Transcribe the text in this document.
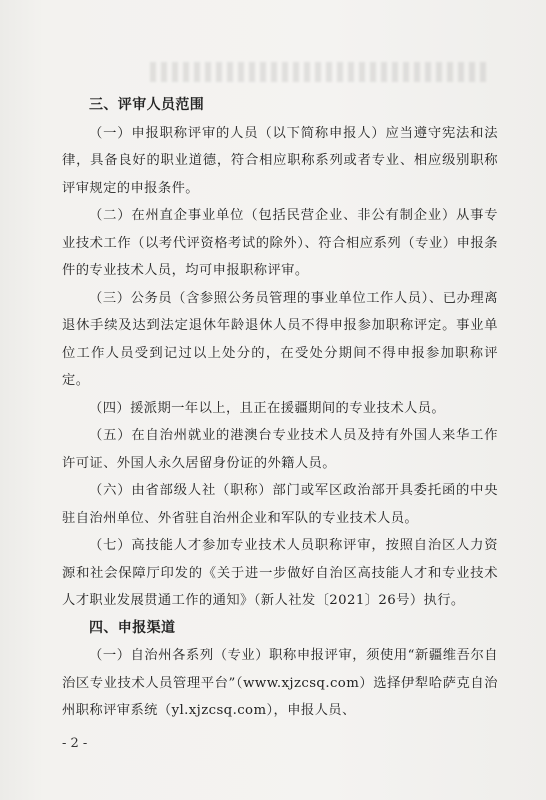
三、评审人员范围

（一）申报职称评审的人员（以下简称申报人）应当遵守宪法和法律，具备良好的职业道德，符合相应职称系列或者专业、相应级别职称评审规定的申报条件。

（二）在州直企事业单位（包括民营企业、非公有制企业）从事专业技术工作（以考代评资格考试的除外）、符合相应系列（专业）申报条件的专业技术人员，均可申报职称评审。

（三）公务员（含参照公务员管理的事业单位工作人员）、已办理离退休手续及达到法定退休年龄退休人员不得申报参加职称评定。事业单位工作人员受到记过以上处分的，在受处分期间不得申报参加职称评定。

（四）援派期一年以上，且正在援疆期间的专业技术人员。

（五）在自治州就业的港澳台专业技术人员及持有外国人来华工作许可证、外国人永久居留身份证的外籍人员。

（六）由省部级人社（职称）部门或军区政治部开具委托函的中央驻自治州单位、外省驻自治州企业和军队的专业技术人员。

（七）高技能人才参加专业技术人员职称评审，按照自治区人力资源和社会保障厅印发的《关于进一步做好自治区高技能人才和专业技术人才职业发展贯通工作的通知》（新人社发〔2021〕26号）执行。

四、申报渠道

（一）自治州各系列（专业）职称申报评审，须使用“新疆维吾尔自治区专业技术人员管理平台”（www.xjzcsq.com）选择伊犁哈萨克自治州职称评审系统（yl.xjzcsq.com），申报人员、

- 2 -
